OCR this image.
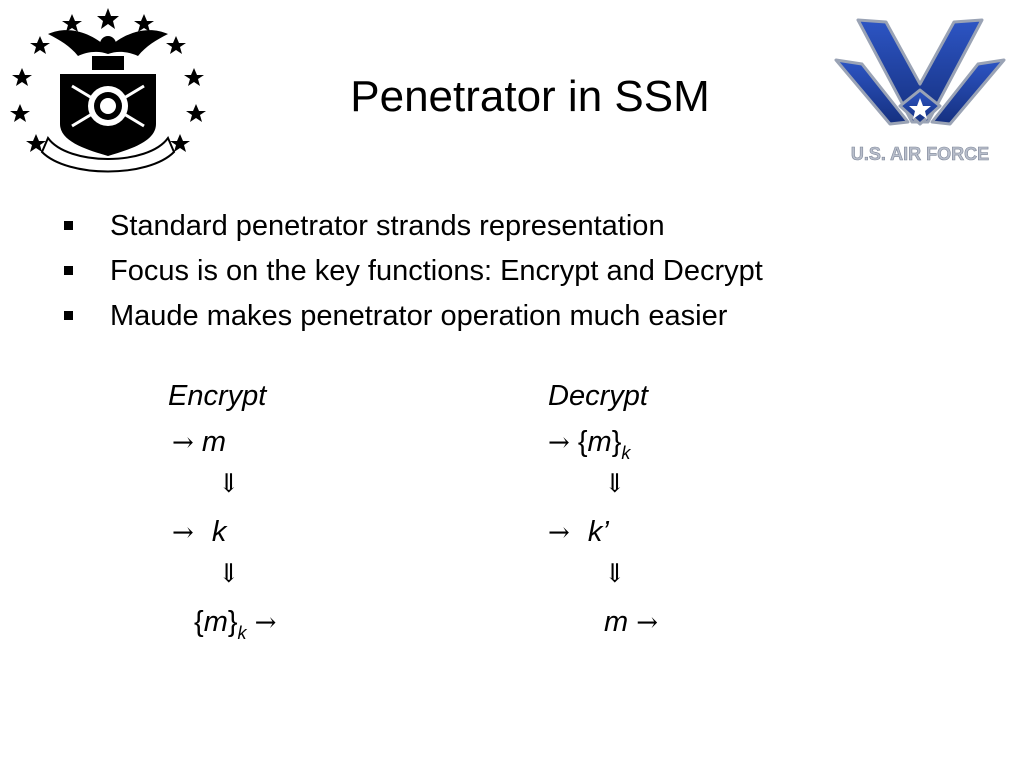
U.S. AIR FORCE
Penetrator in SSM
Standard penetrator strands representation
Focus is on the key functions: Encrypt and Decrypt
Maude makes penetrator operation much easier
Encrypt
→ m
⇓
→ k
⇓
$\{m\}_k$ →
Decrypt
→ $\{m\}_k$
⇓
→ k’
⇓
m →
